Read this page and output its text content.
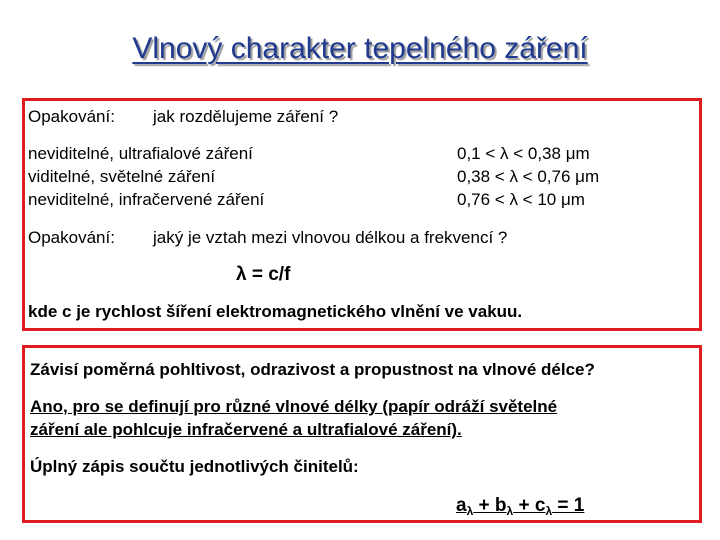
Vlnový charakter tepelného záření
Opakování: jak rozdělujeme záření ?
neviditelné, ultrafialové záření
viditelné, světelné záření
neviditelné, infračervené záření
0,1 < λ < 0,38 μm
0,38 < λ < 0,76 μm
0,76 < λ < 10 μm
Opakování: jaký je vztah mezi vlnovou délkou a frekvencí ?
λ = c/f
kde c je rychlost šíření elektromagnetického vlnění ve vakuu.
Závisí poměrná pohltivost, odrazivost a propustnost na vlnové délce?
Ano, pro se definují pro různé vlnové délky (papír odráží světelné
záření ale pohlcuje infračervené a ultrafialové záření).
Úplný zápis součtu jednotlivých činitelů:
$a_\lambda + b_\lambda + c_\lambda = 1$
